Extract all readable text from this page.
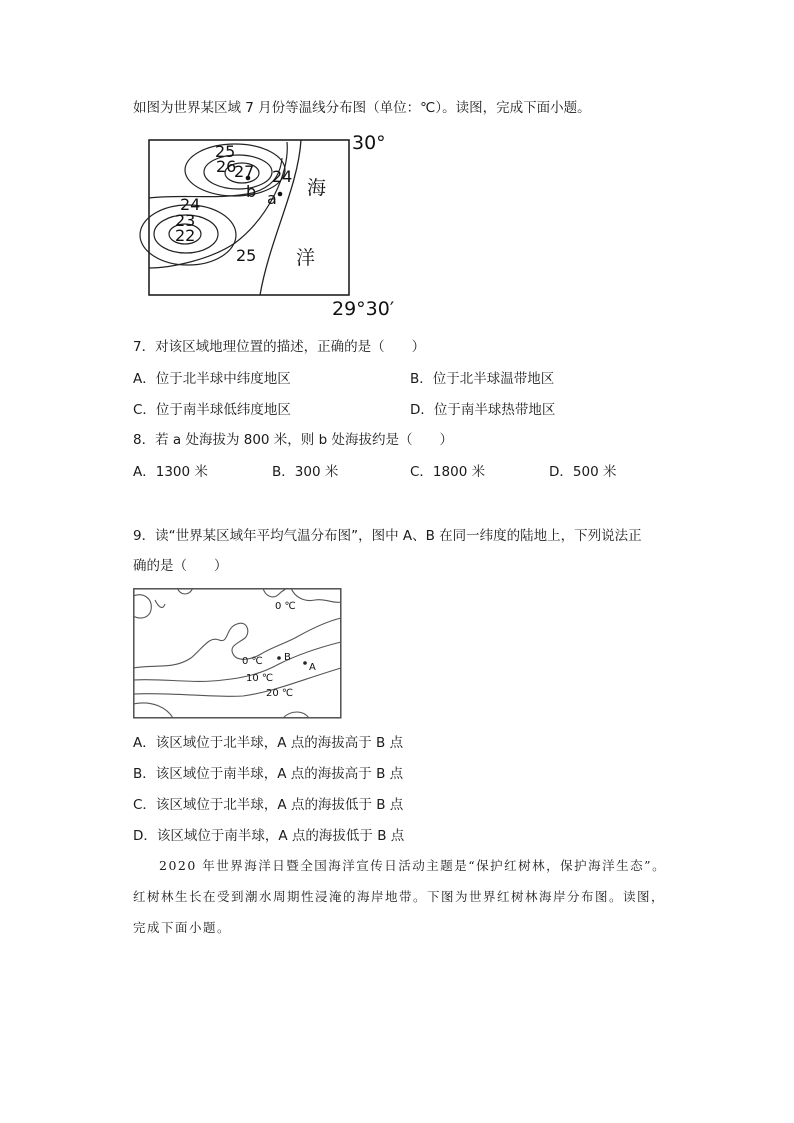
如图为世界某区域 7 月份等温线分布图（单位：℃）。读图，完成下面小题。
25
26
27 24
24
23
22
25
b a 海
洋
30°
29°30′
7．对该区域地理位置的描述，正确的是（　　）
A．位于北半球中纬度地区	B．位于北半球温带地区
C．位于南半球低纬度地区	D．位于南半球热带地区
8．若 a 处海拔为 800 米，则 b 处海拔约是（　　）
A．1300 米	B．300 米	C．1800 米	D．500 米
9．读“世界某区域年平均气温分布图”，图中 A、B 在同一纬度的陆地上，下列说法正
确的是（　　）
0 ℃
0 ℃
10 ℃
20 ℃
B
A
A．该区域位于北半球，A 点的海拔高于 B 点
B．该区域位于南半球，A 点的海拔高于 B 点
C．该区域位于北半球，A 点的海拔低于 B 点
D．该区域位于南半球，A 点的海拔低于 B 点
2020 年世界海洋日暨全国海洋宣传日活动主题是“保护红树林，保护海洋生态”。
红树林生长在受到潮水周期性浸淹的海岸地带。下图为世界红树林海岸分布图。读图，
完成下面小题。
